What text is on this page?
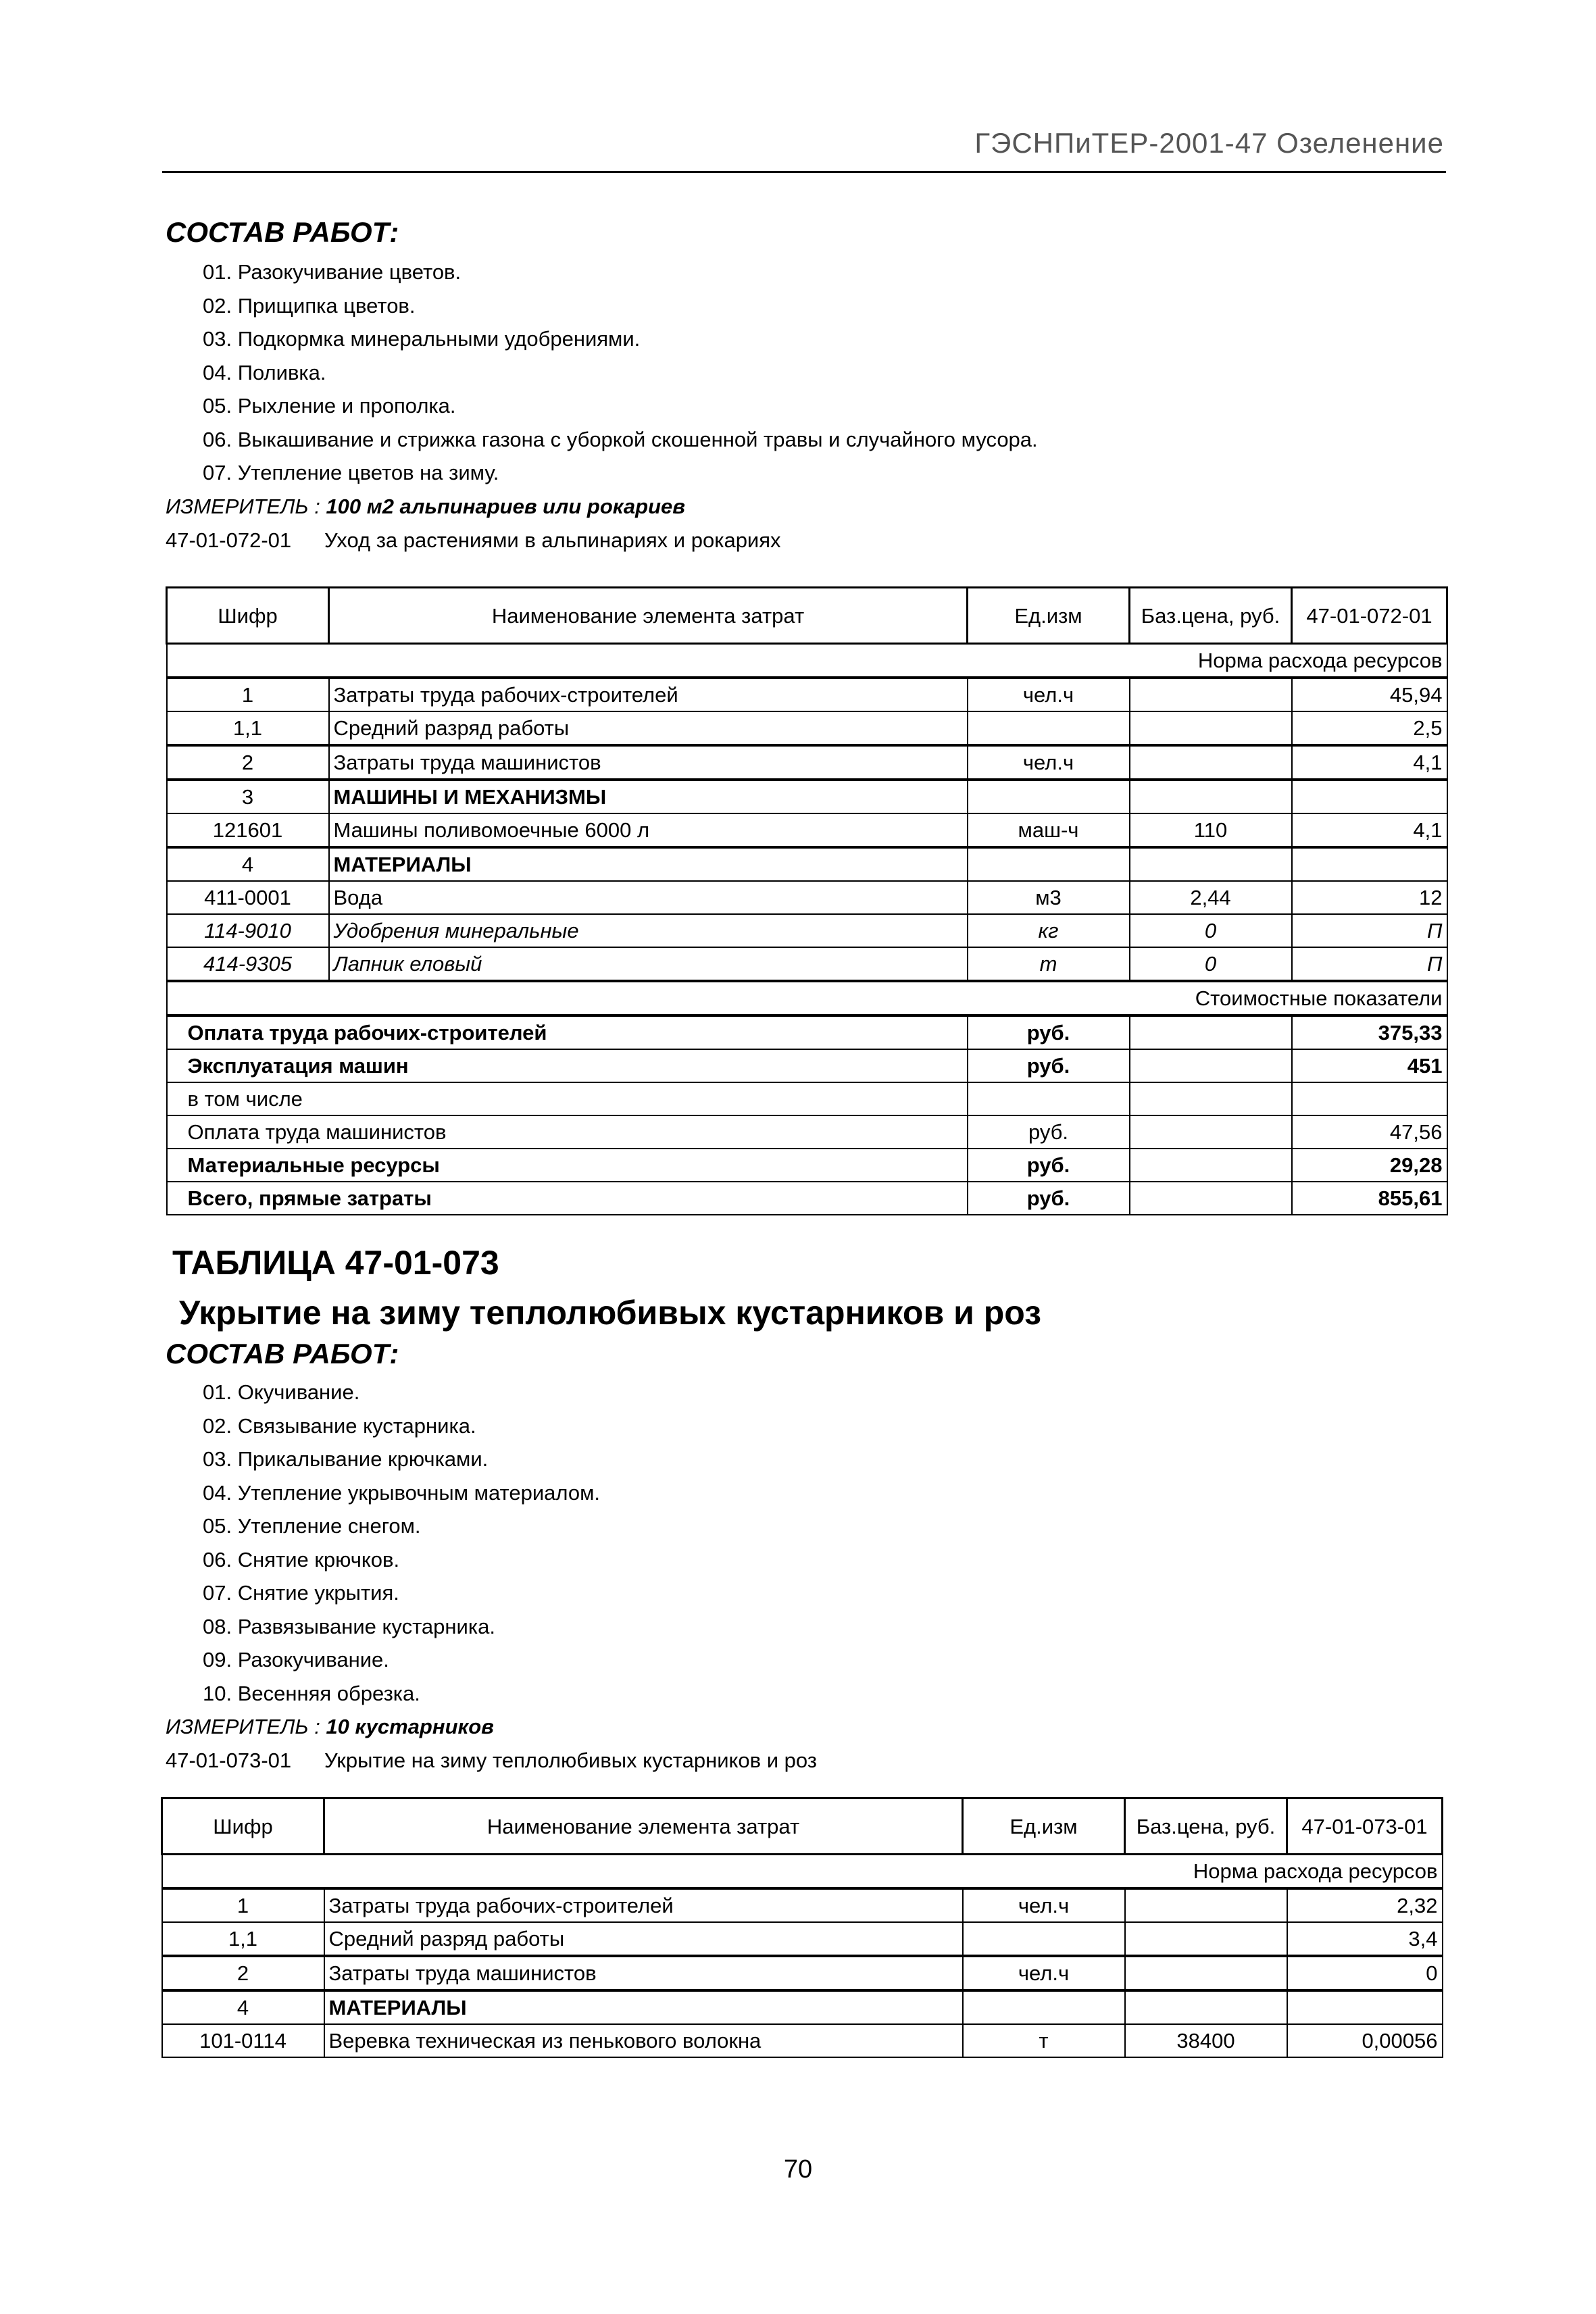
ГЭСНПиТЕР-2001-47 Озеленение
СОСТАВ РАБОТ:
01. Разокучивание цветов.
02. Прищипка цветов.
03. Подкормка минеральными удобрениями.
04. Поливка.
05. Рыхление и прополка.
06. Выкашивание и стрижка газона с уборкой скошенной травы и случайного мусора.
07. Утепление цветов на зиму.
ИЗМЕРИТЕЛЬ : 100 м2 альпинариев или рокариев
47-01-072-01 Уход за растениями в альпинариях и рокариях
Шифр	Наименование элемента затрат	Ед.изм	Баз.цена, руб.	47-01-072-01
Норма расхода ресурсов				
1	Затраты труда рабочих-строителей	чел.ч		45,94
1,1	Средний разряд работы			2,5
2	Затраты труда машинистов	чел.ч		4,1
3	МАШИНЫ И МЕХАНИЗМЫ			
121601	Машины поливомоечные 6000 л	маш-ч	110	4,1
4	МАТЕРИАЛЫ			
411-0001	Вода	м3	2,44	12
114-9010	Удобрения минеральные	кг	0	П
414-9305	Лапник еловый	т	0	П
Стоимостные показатели				
Оплата труда рабочих-строителей		руб.		375,33
Эксплуатация машин		руб.		451
в том числе				
Оплата труда машинистов		руб.		47,56
Материальные ресурсы		руб.		29,28
Всего, прямые затраты		руб.		855,61
ТАБЛИЦА 47-01-073
Укрытие на зиму теплолюбивых кустарников и роз
СОСТАВ РАБОТ:
01. Окучивание.
02. Связывание кустарника.
03. Прикалывание крючками.
04. Утепление укрывочным материалом.
05. Утепление снегом.
06. Снятие крючков.
07. Снятие укрытия.
08. Развязывание кустарника.
09. Разокучивание.
10. Весенняя обрезка.
ИЗМЕРИТЕЛЬ : 10 кустарников
47-01-073-01 Укрытие на зиму теплолюбивых кустарников и роз
Шифр	Наименование элемента затрат	Ед.изм	Баз.цена, руб.	47-01-073-01
Норма расхода ресурсов				
1	Затраты труда рабочих-строителей	чел.ч		2,32
1,1	Средний разряд работы			3,4
2	Затраты труда машинистов	чел.ч		0
4	МАТЕРИАЛЫ			
101-0114	Веревка техническая из пенькового волокна	т	38400	0,00056
70
